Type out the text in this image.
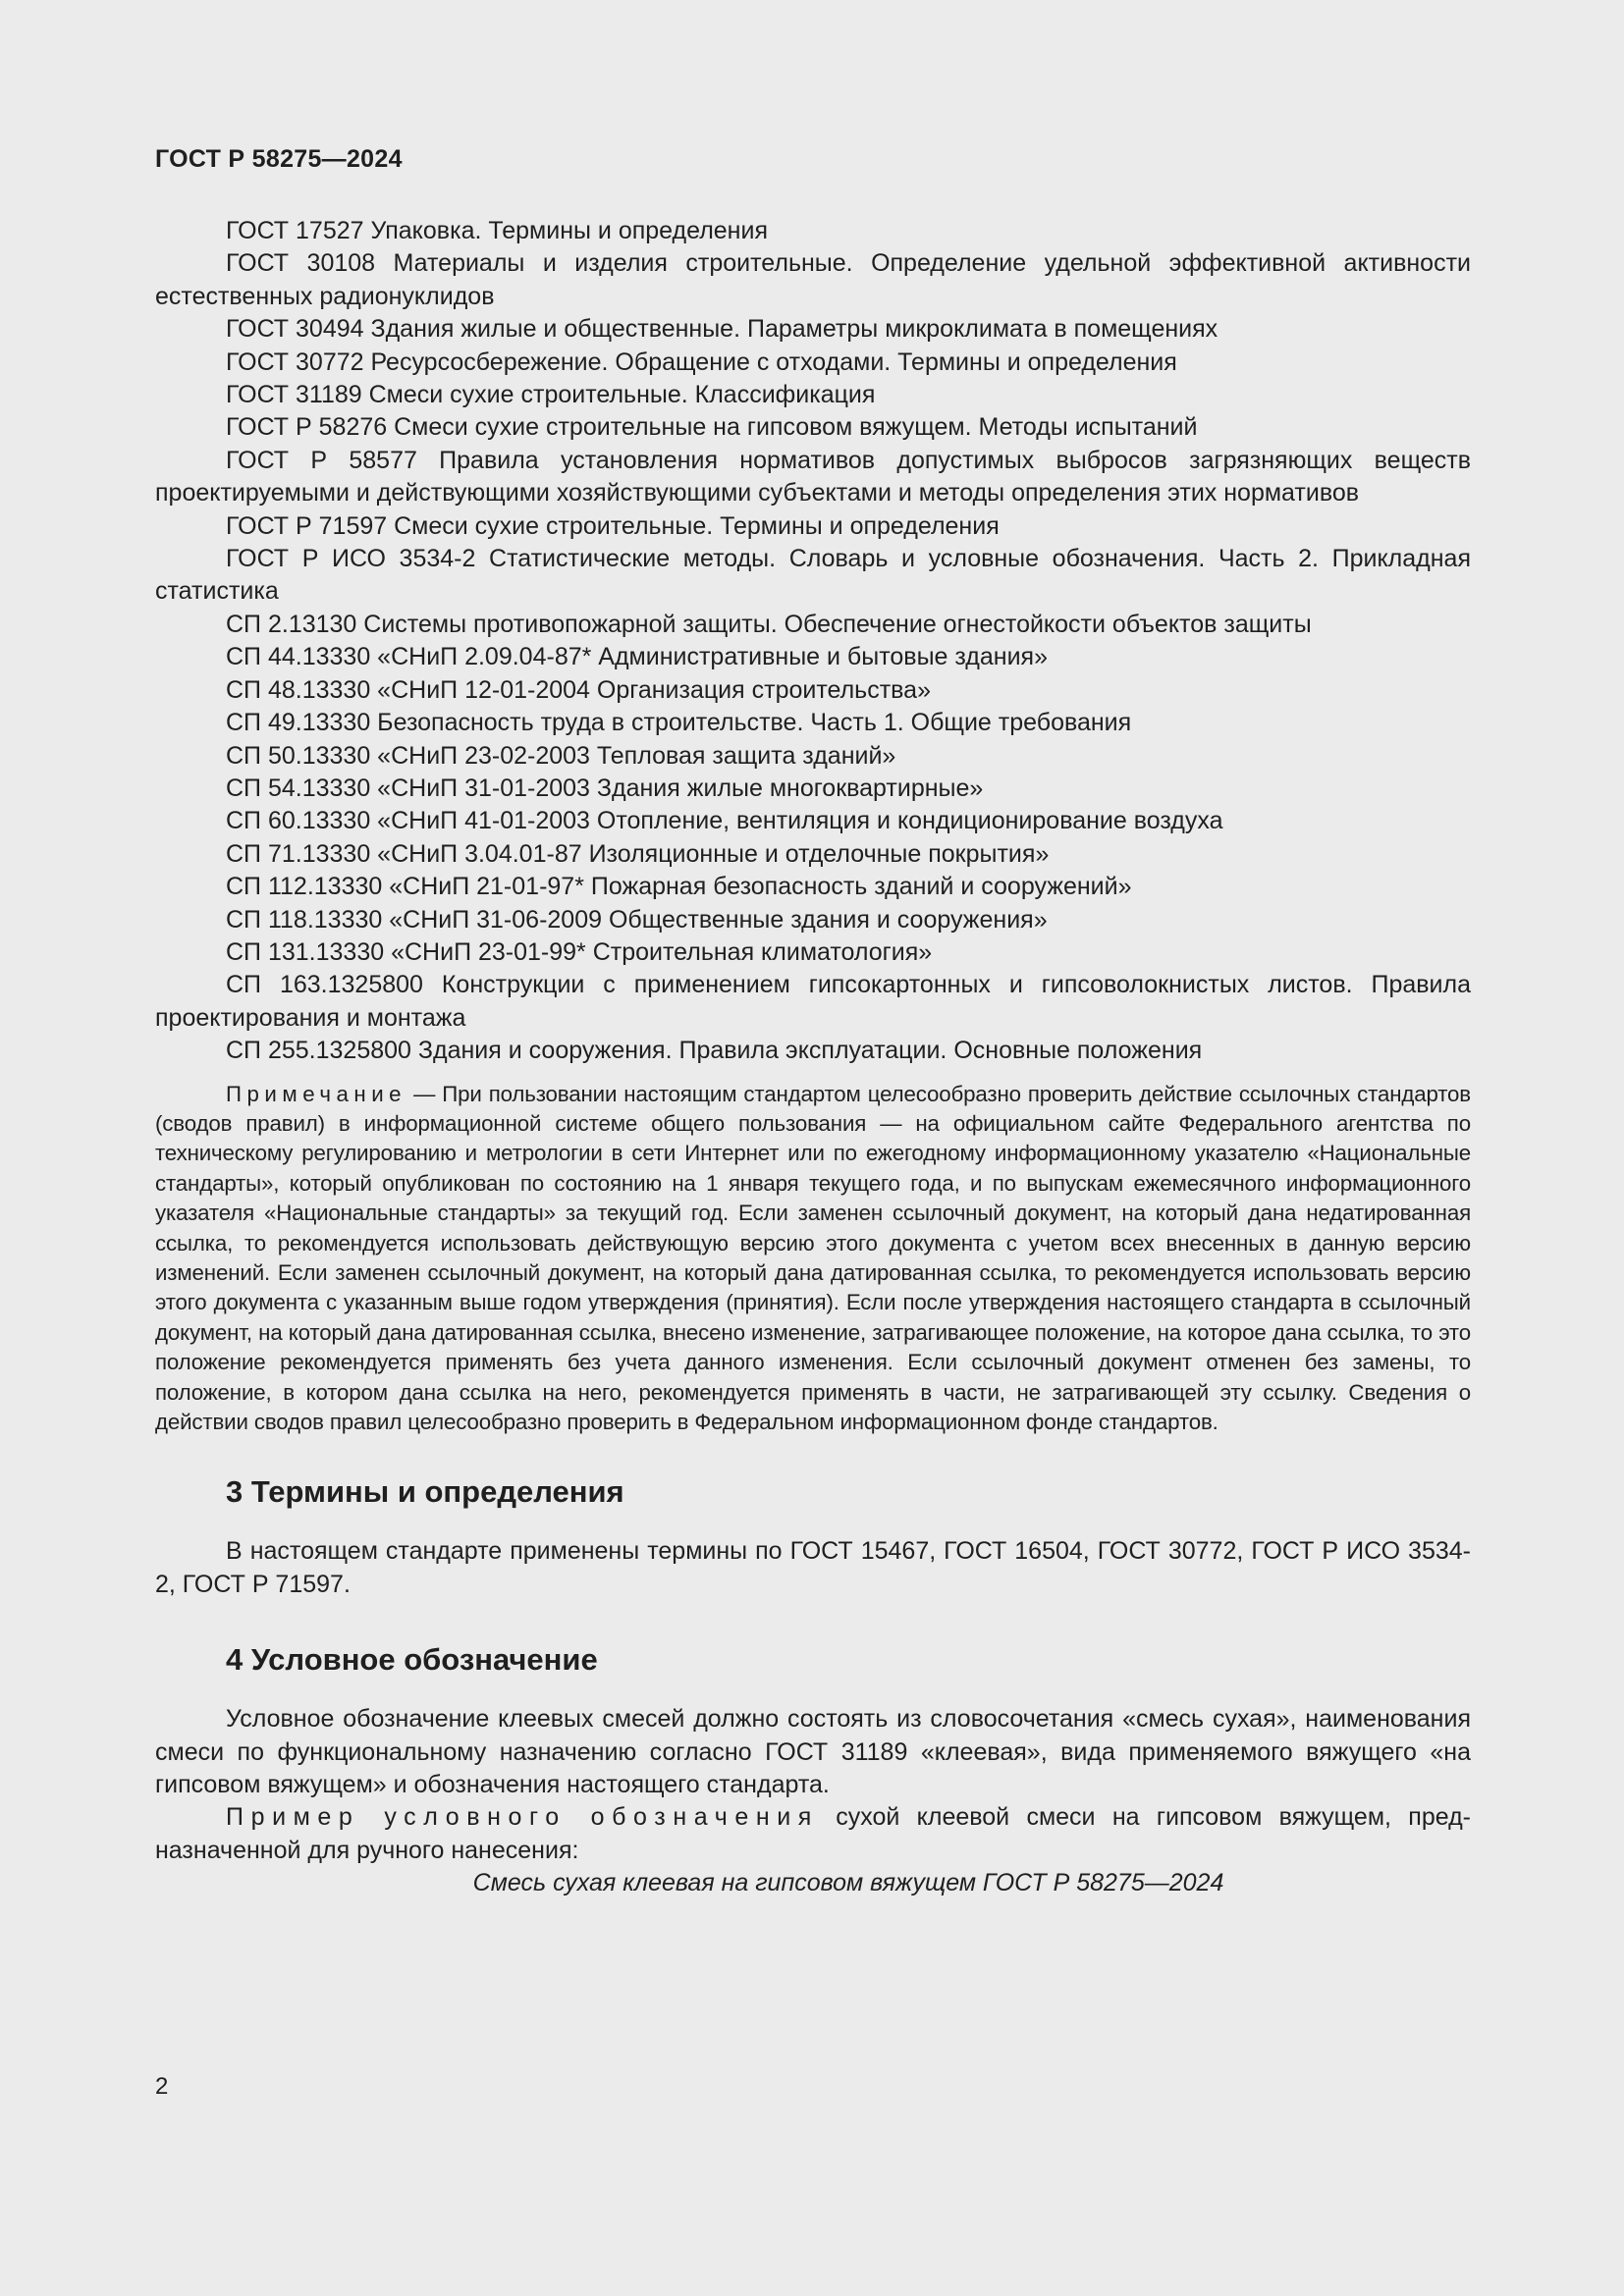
ГОСТ Р 58275—2024
ГОСТ 17527 Упаковка. Термины и определения
ГОСТ 30108 Материалы и изделия строительные. Определение удельной эффективной активности естественных радионуклидов
ГОСТ 30494 Здания жилые и общественные. Параметры микроклимата в помещениях
ГОСТ 30772 Ресурсосбережение. Обращение с отходами. Термины и определения
ГОСТ 31189 Смеси сухие строительные. Классификация
ГОСТ Р 58276 Смеси сухие строительные на гипсовом вяжущем. Методы испытаний
ГОСТ Р 58577 Правила установления нормативов допустимых выбросов загрязняющих веществ проектируемыми и действующими хозяйствующими субъектами и методы определения этих нормативов
ГОСТ Р 71597 Смеси сухие строительные. Термины и определения
ГОСТ Р ИСО 3534-2 Статистические методы. Словарь и условные обозначения. Часть 2. Прикладная статистика
СП 2.13130 Системы противопожарной защиты. Обеспечение огнестойкости объектов защиты
СП 44.13330 «СНиП 2.09.04-87* Административные и бытовые здания»
СП 48.13330 «СНиП 12-01-2004 Организация строительства»
СП 49.13330 Безопасность труда в строительстве. Часть 1. Общие требования
СП 50.13330 «СНиП 23-02-2003 Тепловая защита зданий»
СП 54.13330 «СНиП 31-01-2003 Здания жилые многоквартирные»
СП 60.13330 «СНиП 41-01-2003 Отопление, вентиляция и кондиционирование воздуха
СП 71.13330 «СНиП 3.04.01-87 Изоляционные и отделочные покрытия»
СП 112.13330 «СНиП 21-01-97* Пожарная безопасность зданий и сооружений»
СП 118.13330 «СНиП 31-06-2009 Общественные здания и сооружения»
СП 131.13330 «СНиП 23-01-99* Строительная климатология»
СП 163.1325800 Конструкции с применением гипсокартонных и гипсоволокнистых листов. Правила проектирования и монтажа
СП 255.1325800 Здания и сооружения. Правила эксплуатации. Основные положения
Примечание — При пользовании настоящим стандартом целесообразно проверить действие ссылочных стандартов (сводов правил) в информационной системе общего пользования — на официальном сайте Федерального агентства по техническому регулированию и метрологии в сети Интернет или по ежегодному информационному указателю «Национальные стандарты», который опубликован по состоянию на 1 января текущего года, и по выпускам ежемесячного информационного указателя «Национальные стандарты» за текущий год. Если заменен ссылочный документ, на который дана недатированная ссылка, то рекомендуется использовать действующую версию этого документа с учетом всех внесенных в данную версию изменений. Если заменен ссылочный документ, на который дана датированная ссылка, то рекомендуется использовать версию этого документа с указанным выше годом утверждения (принятия). Если после утверждения настоящего стандарта в ссылочный документ, на который дана датированная ссылка, внесено изменение, затрагивающее положение, на которое дана ссылка, то это положение рекомендуется применять без учета данного изменения. Если ссылочный документ отменен без замены, то положение, в котором дана ссылка на него, рекомендуется применять в части, не затрагивающей эту ссылку. Сведения о действии сводов правил целесообразно проверить в Федеральном информационном фонде стандартов.
3 Термины и определения
В настоящем стандарте применены термины по ГОСТ 15467, ГОСТ 16504, ГОСТ 30772, ГОСТ Р ИСО 3534-2, ГОСТ Р 71597.
4 Условное обозначение
Условное обозначение клеевых смесей должно состоять из словосочетания «смесь сухая», наименования смеси по функциональному назначению согласно ГОСТ 31189 «клеевая», вида применяемого вяжущего «на гипсовом вяжущем» и обозначения настоящего стандарта.
Пример условного обозначения сухой клеевой смеси на гипсовом вяжущем, предназначенной для ручного нанесения:
Смесь сухая клеевая на гипсовом вяжущем ГОСТ Р 58275—2024
2
